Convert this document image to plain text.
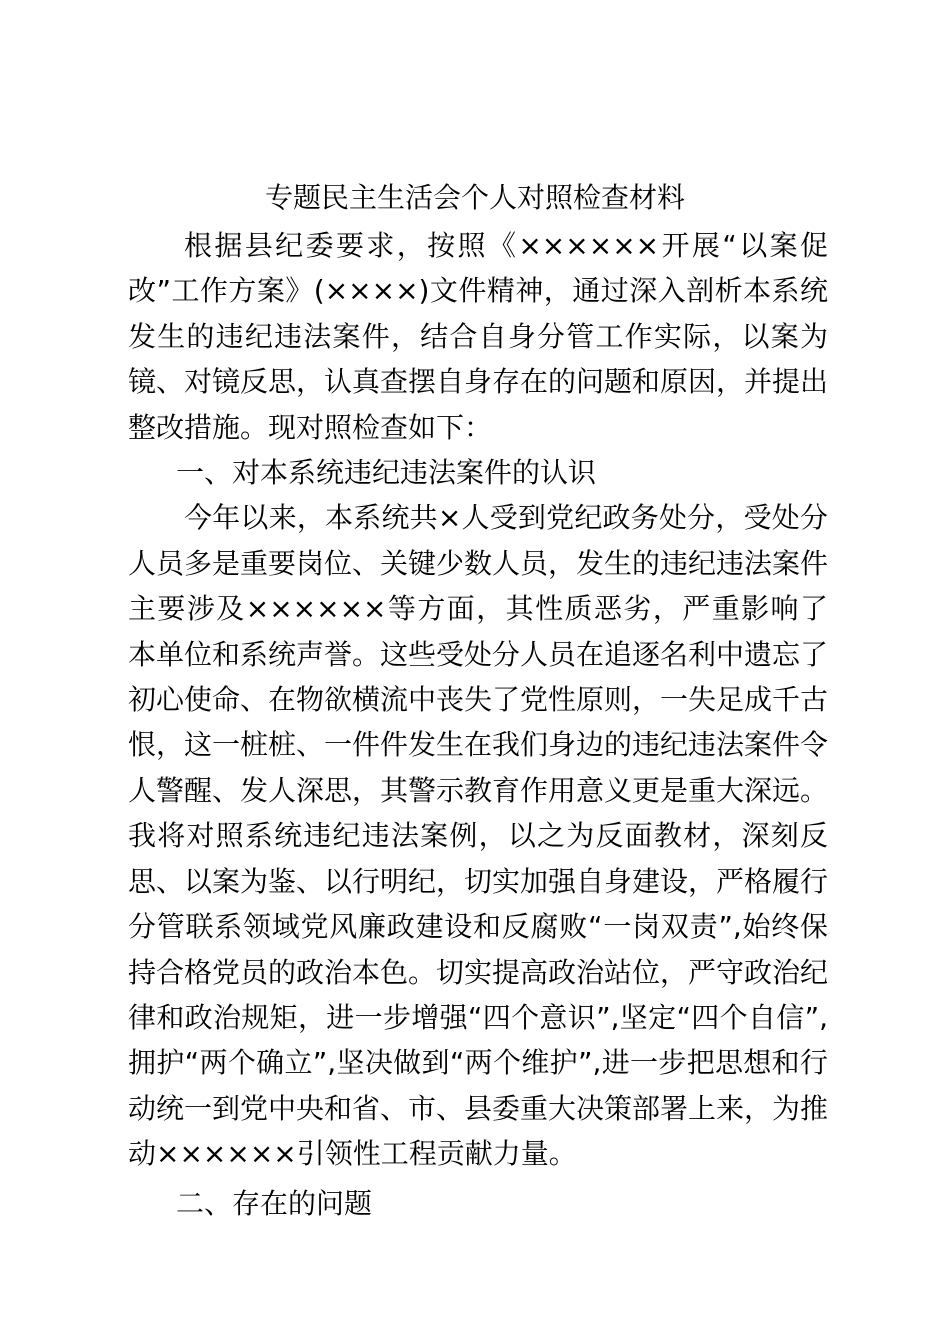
专题民主生活会个人对照检查材料

根据县纪委要求，按照《××××××开展“以案促改”工作方案》(××××)文件精神，通过深入剖析本系统发生的违纪违法案件，结合自身分管工作实际，以案为镜、对镜反思，认真查摆自身存在的问题和原因，并提出整改措施。现对照检查如下：

一、对本系统违纪违法案件的认识

今年以来，本系统共×人受到党纪政务处分，受处分人员多是重要岗位、关键少数人员，发生的违纪违法案件主要涉及××××××等方面，其性质恶劣，严重影响了本单位和系统声誉。这些受处分人员在追逐名利中遗忘了初心使命、在物欲横流中丧失了党性原则，一失足成千古恨，这一桩桩、一件件发生在我们身边的违纪违法案件令人警醒、发人深思，其警示教育作用意义更是重大深远。我将对照系统违纪违法案例，以之为反面教材，深刻反思、以案为鉴、以行明纪，切实加强自身建设，严格履行分管联系领域党风廉政建设和反腐败“一岗双责”,始终保持合格党员的政治本色。切实提高政治站位，严守政治纪律和政治规矩，进一步增强“四个意识”,坚定“四个自信”,拥护“两个确立”,坚决做到“两个维护”,进一步把思想和行动统一到党中央和省、市、县委重大决策部署上来，为推动××××××引领性工程贡献力量。

二、存在的问题
